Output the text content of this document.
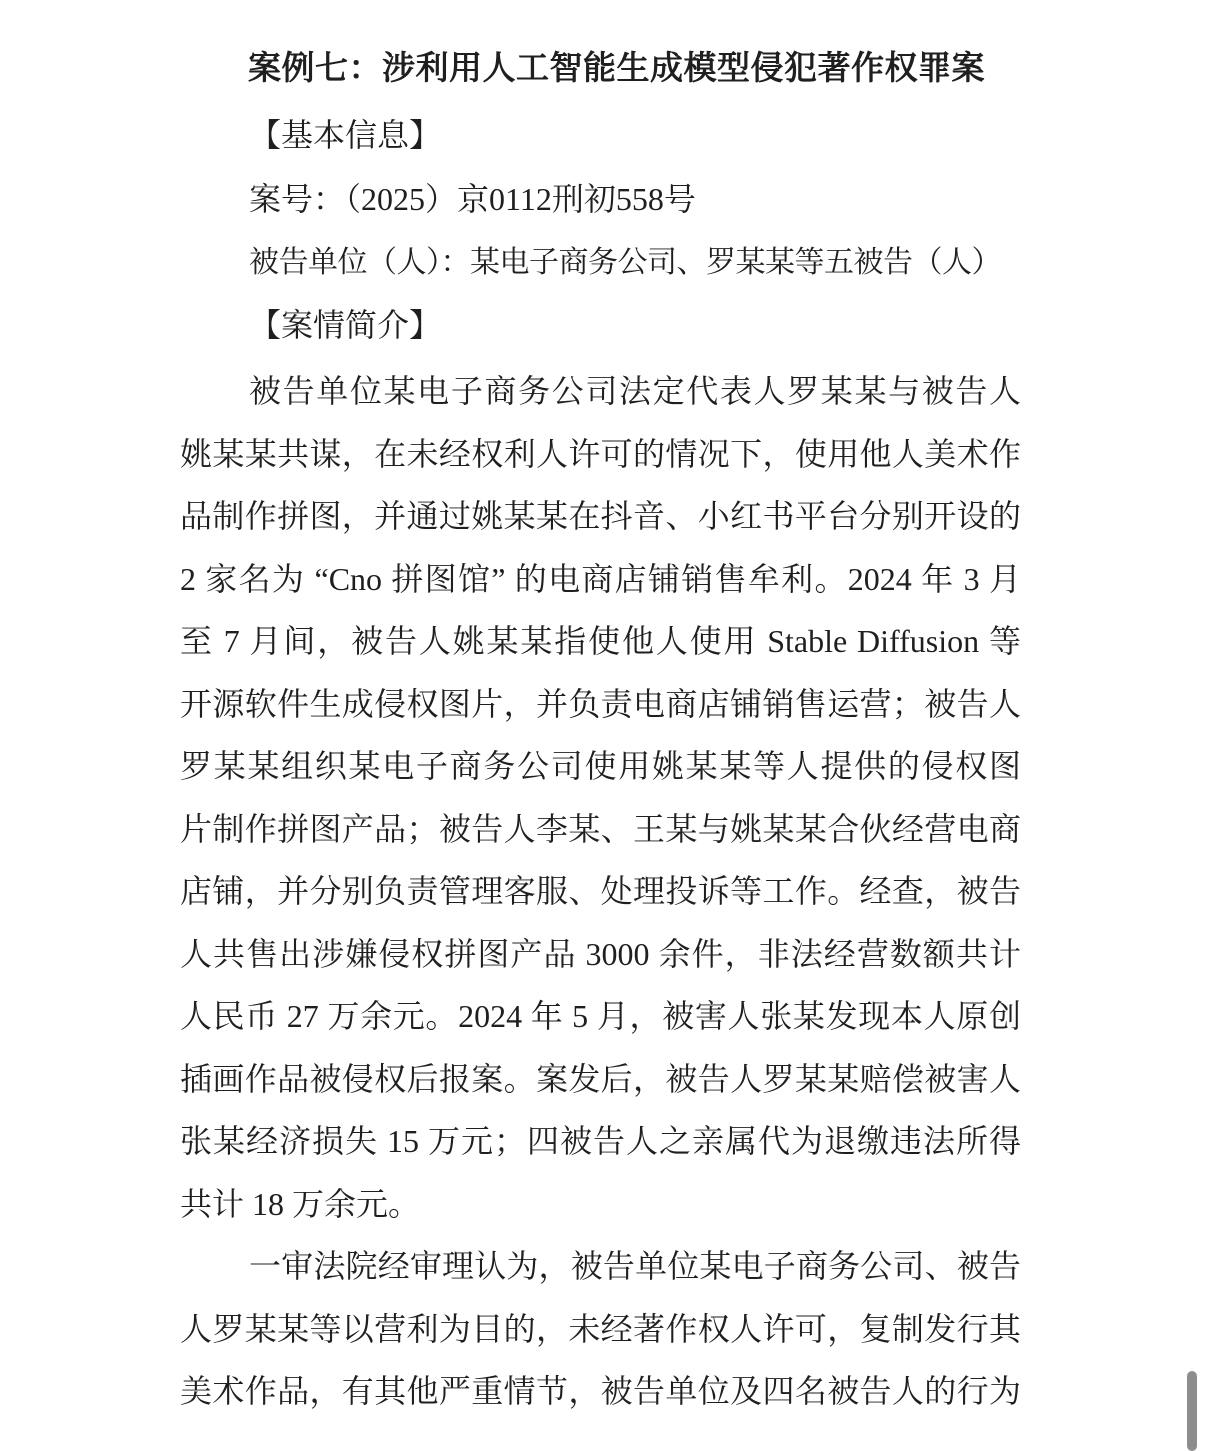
案例七：涉利用人工智能生成模型侵犯著作权罪案
【基本信息】
案号：（2025）京0112刑初558号
被告单位（人）：某电子商务公司、罗某某等五被告（人）
【案情简介】
被告单位某电子商务公司法定代表人罗某某与被告人
姚某某共谋，在未经权利人许可的情况下，使用他人美术作
品制作拼图，并通过姚某某在抖音、小红书平台分别开设的
2 家名为 “Cno 拼图馆” 的电商店铺销售牟利。2024 年 3 月
至 7 月间，被告人姚某某指使他人使用 Stable Diffusion 等
开源软件生成侵权图片，并负责电商店铺销售运营；被告人
罗某某组织某电子商务公司使用姚某某等人提供的侵权图
片制作拼图产品；被告人李某、王某与姚某某合伙经营电商
店铺，并分别负责管理客服、处理投诉等工作。经查，被告
人共售出涉嫌侵权拼图产品 3000 余件，非法经营数额共计
人民币 27 万余元。2024 年 5 月，被害人张某发现本人原创
插画作品被侵权后报案。案发后，被告人罗某某赔偿被害人
张某经济损失 15 万元；四被告人之亲属代为退缴违法所得
共计 18 万余元。
一审法院经审理认为，被告单位某电子商务公司、被告
人罗某某等以营利为目的，未经著作权人许可，复制发行其
美术作品，有其他严重情节，被告单位及四名被告人的行为
